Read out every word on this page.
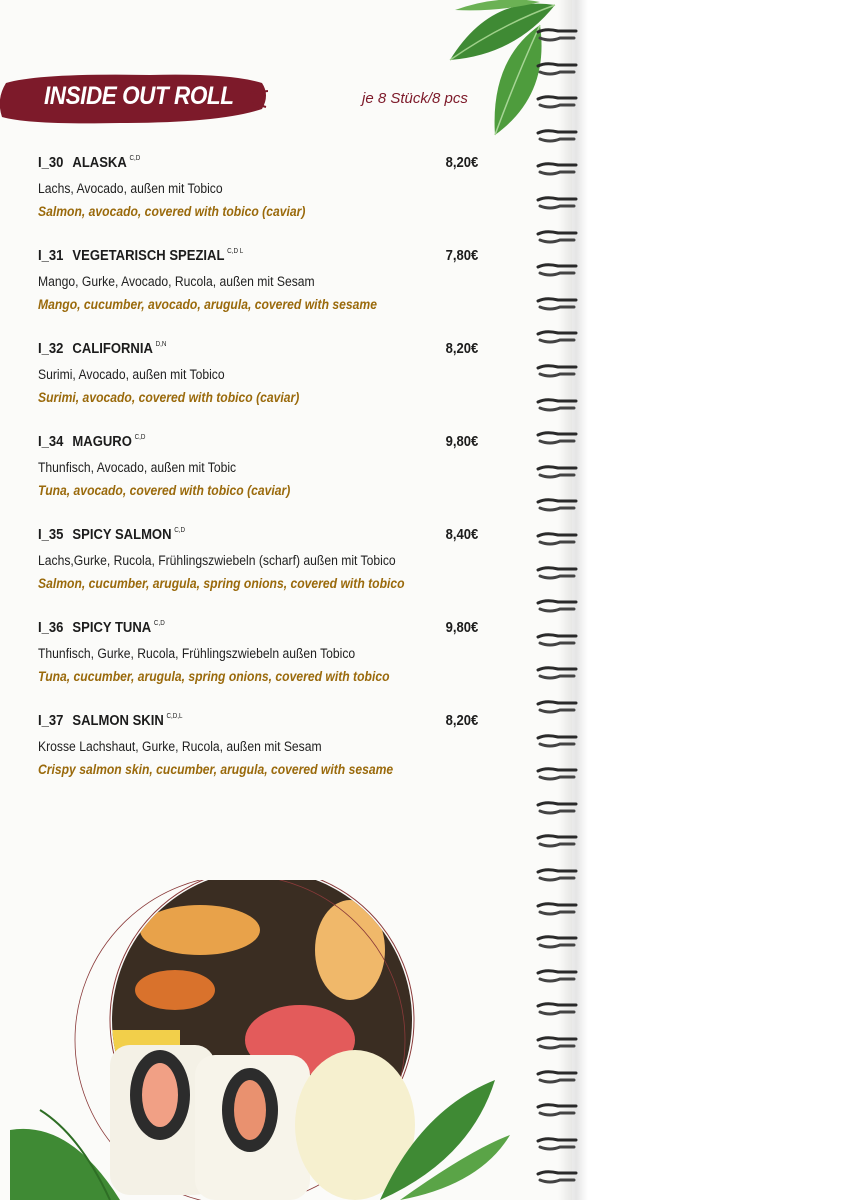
INSIDE OUT ROLL	je 8 Stück/8 pcs
I_30 ALASKA $^{C,D}$	8,20€
Lachs, Avocado, außen mit Tobico
Salmon, avocado, covered with tobico (caviar)
I_31 VEGETARISCH SPEZIAL $^{C,D L}$	7,80€
Mango, Gurke, Avocado, Rucola, außen mit Sesam
Mango, cucumber, avocado, arugula, covered with sesame
I_32 CALIFORNIA $^{D,N}$	8,20€
Surimi, Avocado, außen mit Tobico
Surimi, avocado, covered with tobico (caviar)
I_34 MAGURO $^{C,D}$	9,80€
Thunfisch, Avocado, außen mit Tobic
Tuna, avocado, covered with tobico (caviar)
I_35 SPICY SALMON $^{C,D}$	8,40€
Lachs,Gurke, Rucola, Frühlingszwiebeln (scharf) außen mit Tobico
Salmon, cucumber, arugula, spring onions, covered with tobico
I_36 SPICY TUNA $^{C,D}$	9,80€
Thunfisch, Gurke, Rucola, Frühlingszwiebeln außen Tobico
Tuna, cucumber, arugula, spring onions, covered with tobico
I_37 SALMON SKIN $^{C,D,L}$	8,20€
Krosse Lachshaut, Gurke, Rucola, außen mit Sesam
Crispy salmon skin, cucumber, arugula, covered with sesame
